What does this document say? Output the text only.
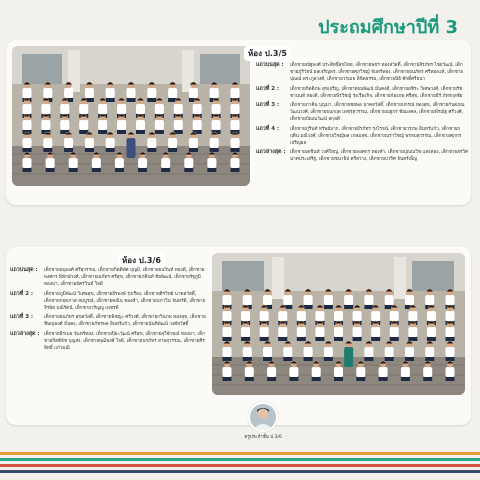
ประถมศึกษาปีที่ 3
ห้อง ป.3/5
แถวบนสุด : เด็กชายณัฐพงศ์ ประสิทธิ์สุขไทย, เด็กชายพชร ทองสวัสดิ์, เด็กชายสิรภัทร ไชยวัฒน์, เด็กชายภูริวัจน์ ผลเจริญพร, เด็กชายศุภวิชญ์ จันทร์ทอง, เด็กชายธนภัทร ศรีทองแท้, เด็กชายปุณณ์ ตระกูลวงศ์, เด็กชายวรเมธ ลิขิตธรรม, เด็กชายนิธิ ศักดิ์ศรีธนา
แถวที่ 2 : เด็กชายกิตติภพ สุขเจริญ, เด็กชายธนพัฒน์ มั่นคงดี, เด็กชายอชิระ วิเศษวงศ์, เด็กชายรัชชานนท์ ทองดี, เด็กชายพีรวิชญ์ รุ่งเรืองกิจ, เด็กชายก้องภพ ศรีสุข, เด็กชายธีร์ ภัทรกุลชัย
แถวที่ 3 : เด็กชายภาคิน บุญมา, เด็กชายชยพล นาคสวัสดิ์, เด็กชายปกรณ์ ทองสุข, เด็กชายกันตภณ วัฒนวงศ์, เด็กชายธนกฤต เพชรสุวรรณ, เด็กชายณฐกร ชัยมงคล, เด็กชายพีรณัฐ ศรีวงศ์, เด็กชายปัณณวัฒน์ สกุลดี
แถวที่ 4 : เด็กชายภูรินท์ ทรัพย์มาก, เด็กชายธีรภัทร รุ่งโรจน์, เด็กชายวรภพ อินทร์แก้ว, เด็กชายกฤติน มณีวงศ์, เด็กชายวิชญ์พล เกษมสุข, เด็กชายนราวิชญ์ พรหมสุวรรณ, เด็กชายศุภกร เจริญผล
แถวล่างสุด : เด็กชายเตชินท์ วงศ์ใหญ่, เด็กชายพงศกร ทองคำ, เด็กชายปุณณวิช แสงทอง, เด็กชายสรวิศ นาคประเสริฐ, เด็กชายชนาธิป ศรีสว่าง, เด็กชายปวริศ จันทร์เพ็ญ
ห้อง ป.3/6
แถวบนสุด : เด็กชายอนุพงศ์ ศรีสุวรรณ, เด็กชายกิตติพัศ บุญมี, เด็กชายธนวินท์ ทองดี, เด็กชายพงศกร พิทักษ์วงศ์, เด็กชายณภัทร ศรีสุข, เด็กชายภคินท์ ชัยพัฒน์, เด็กชายรัฐภูมิ ทองมา, เด็กชายอัครวินท์ ใจดี
แถวที่ 2 : เด็กชายภูมิพัฒน์ วิเศษสุข, เด็กชายธีรพงษ์ รุ่งเรือง, เด็กชายศิรวิทย์ นาคสวัสดิ์, เด็กชายกฤตภาส สมบูรณ์, เด็กชายคณิน ทองคำ, เด็กชายปภาวิน จันทร์ดี, เด็กชายจิรพัส มณีรัตน์, เด็กชายวรัญญู เพชรดี
แถวที่ 3 : เด็กชายธนภัทร สุขสวัสดิ์, เด็กชายพิชญะ ศรีวงศ์, เด็กชายกวินภพ ทองสุข, เด็กชายชิษณุพงศ์ มั่นคง, เด็กชายภัทรพล อินทร์แก้ว, เด็กชายนันทิพัฒน์ วงศ์สวัสดิ์
แถวล่างสุด : เด็กชายธีรเมธ จันทร์ทอง, เด็กชายปิยะวัฒน์ ศรีสุข, เด็กชายสุวิจักขณ์ ทองมา, เด็กชายกิตติธัช บุญส่ง, เด็กชายพุฒิพงศ์ ใจดี, เด็กชายนรภัทร สายสุวรรณ, เด็กชายศิรสิทธิ์ แก้วมณี
ครูประจำชั้น ป.3/6
